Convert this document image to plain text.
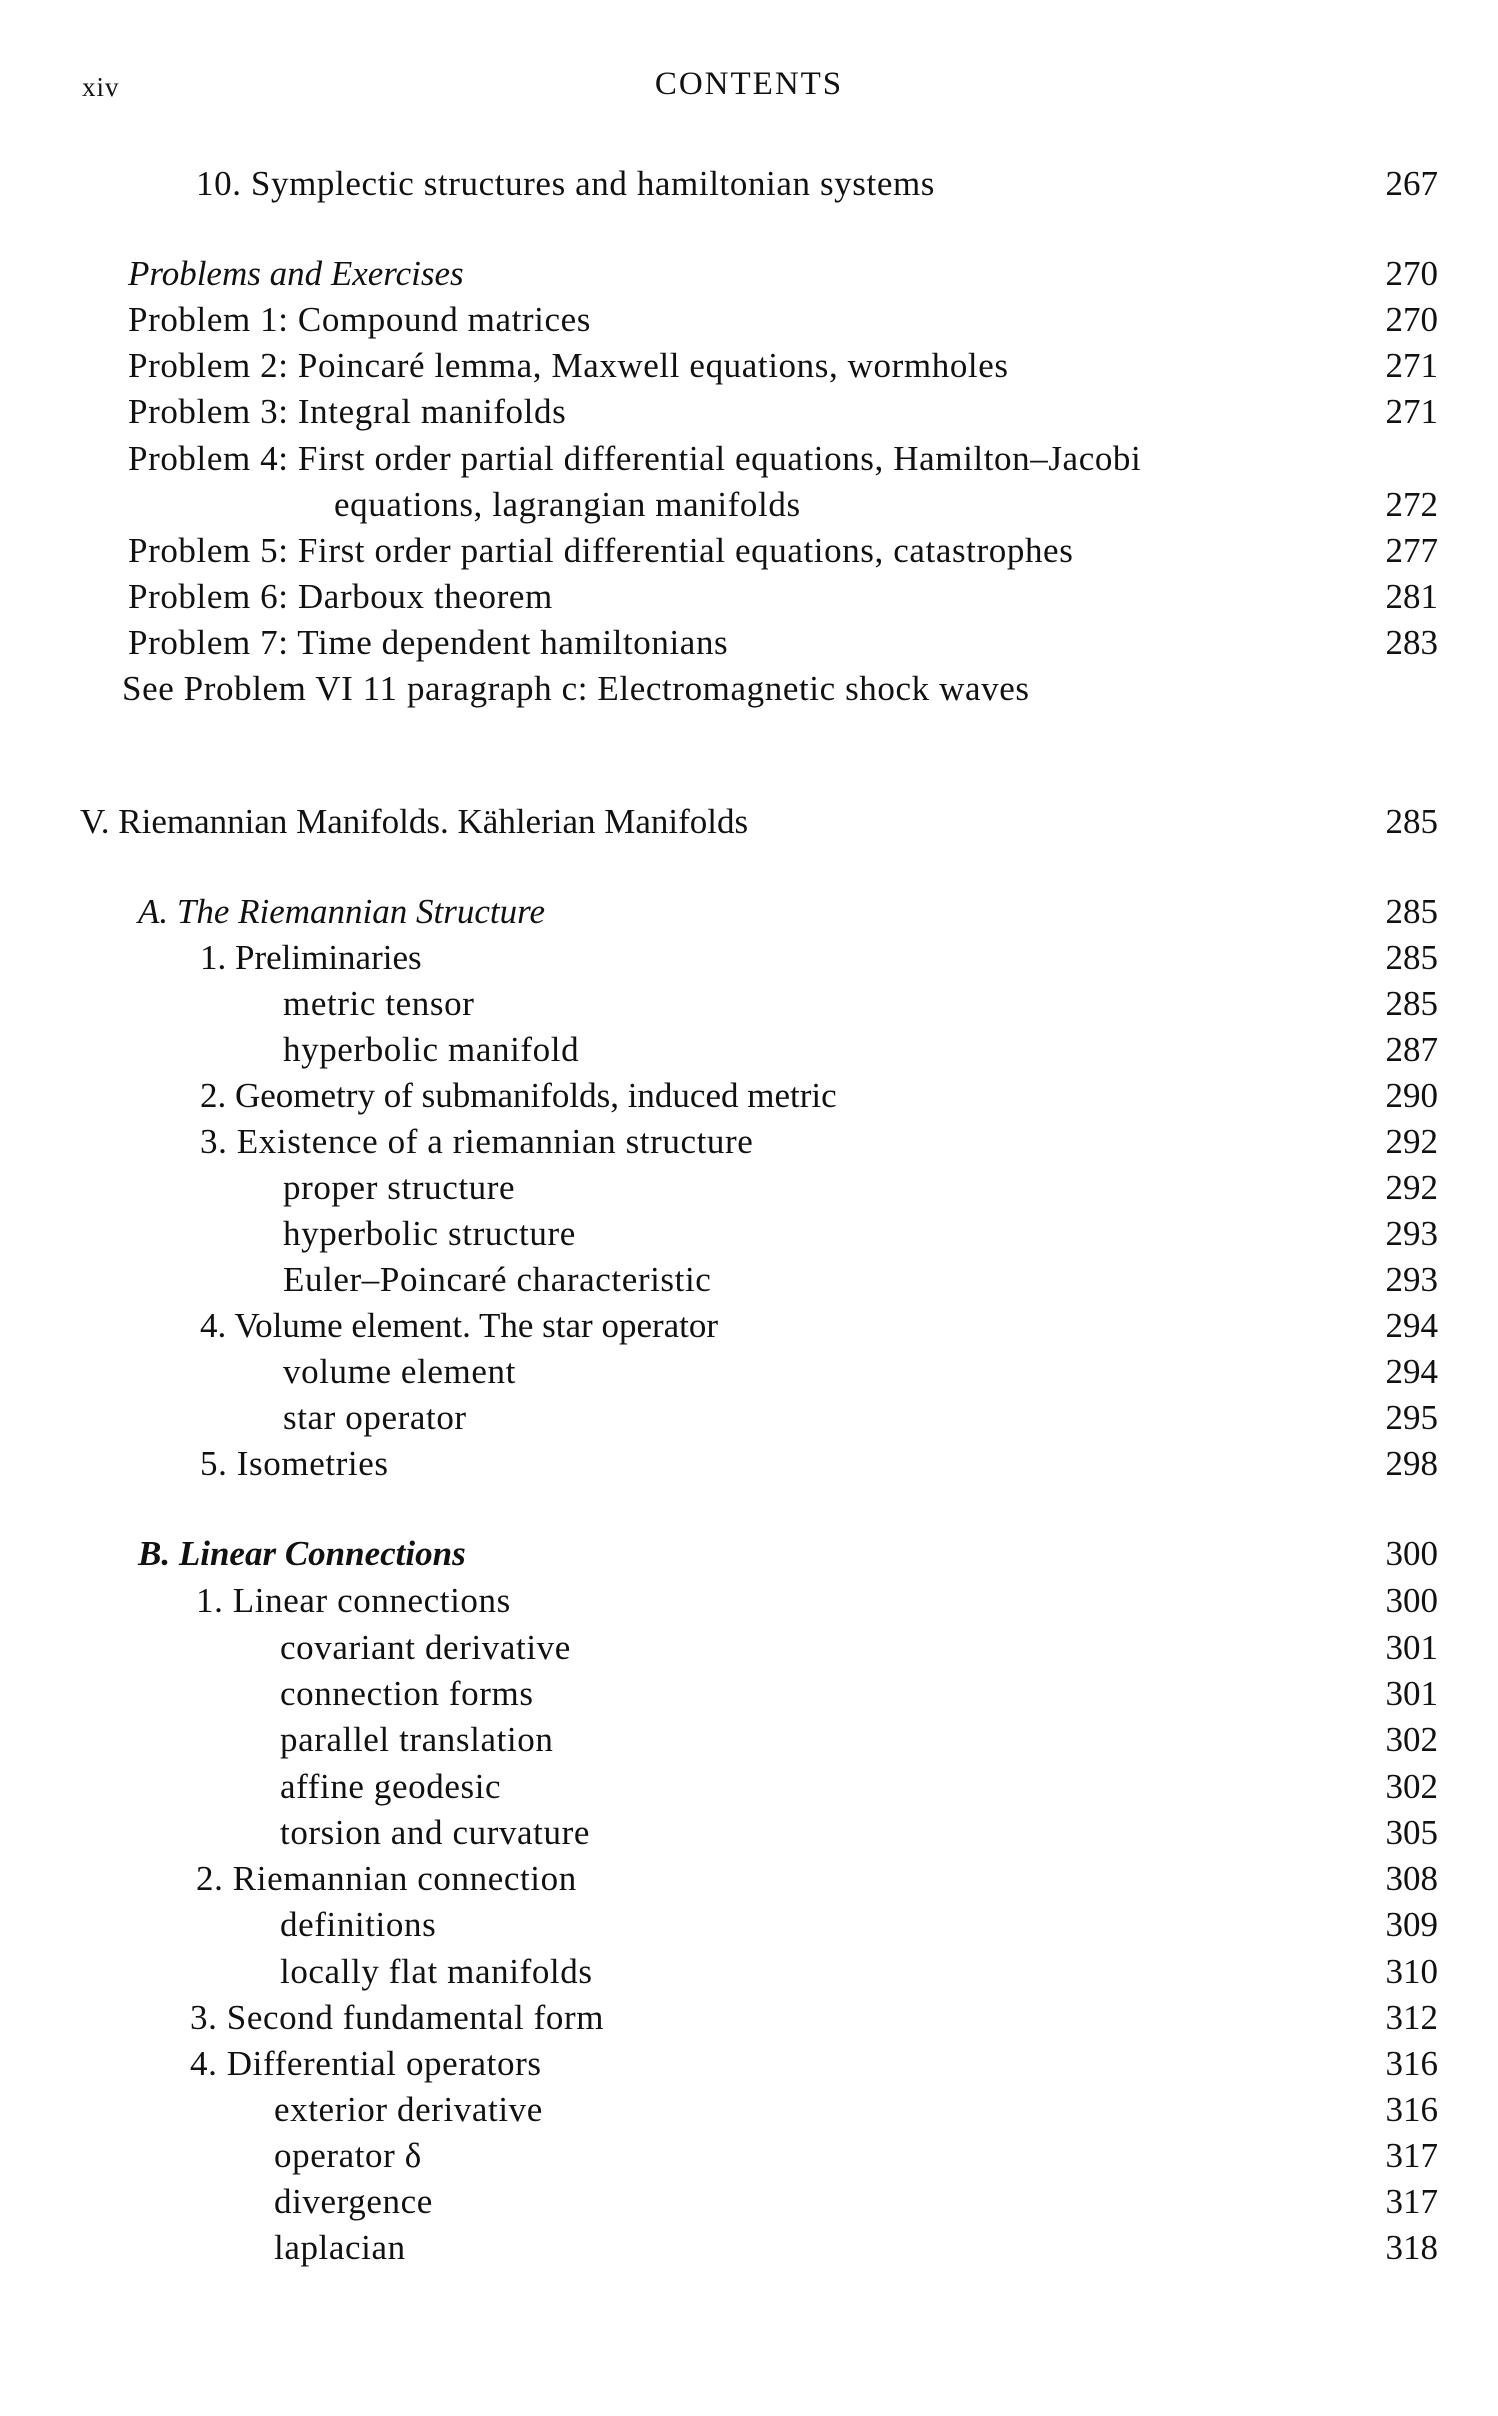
xiv	CONTENTS
10. Symplectic structures and hamiltonian systems	267
Problems and Exercises	270
Problem 1: Compound matrices	270
Problem 2: Poincaré lemma, Maxwell equations, wormholes	271
Problem 3: Integral manifolds	271
Problem 4: First order partial differential equations, Hamilton–Jacobi
equations, lagrangian manifolds	272
Problem 5: First order partial differential equations, catastrophes	277
Problem 6: Darboux theorem	281
Problem 7: Time dependent hamiltonians	283
See Problem VI 11 paragraph c: Electromagnetic shock waves
V. Riemannian Manifolds. Kählerian Manifolds	285
A. The Riemannian Structure	285
1. Preliminaries	285
metric tensor	285
hyperbolic manifold	287
2. Geometry of submanifolds, induced metric	290
3. Existence of a riemannian structure	292
proper structure	292
hyperbolic structure	293
Euler–Poincaré characteristic	293
4. Volume element. The star operator	294
volume element	294
star operator	295
5. Isometries	298
B. Linear Connections	300
1. Linear connections	300
covariant derivative	301
connection forms	301
parallel translation	302
affine geodesic	302
torsion and curvature	305
2. Riemannian connection	308
definitions	309
locally flat manifolds	310
3. Second fundamental form	312
4. Differential operators	316
exterior derivative	316
operator δ	317
divergence	317
laplacian	318
